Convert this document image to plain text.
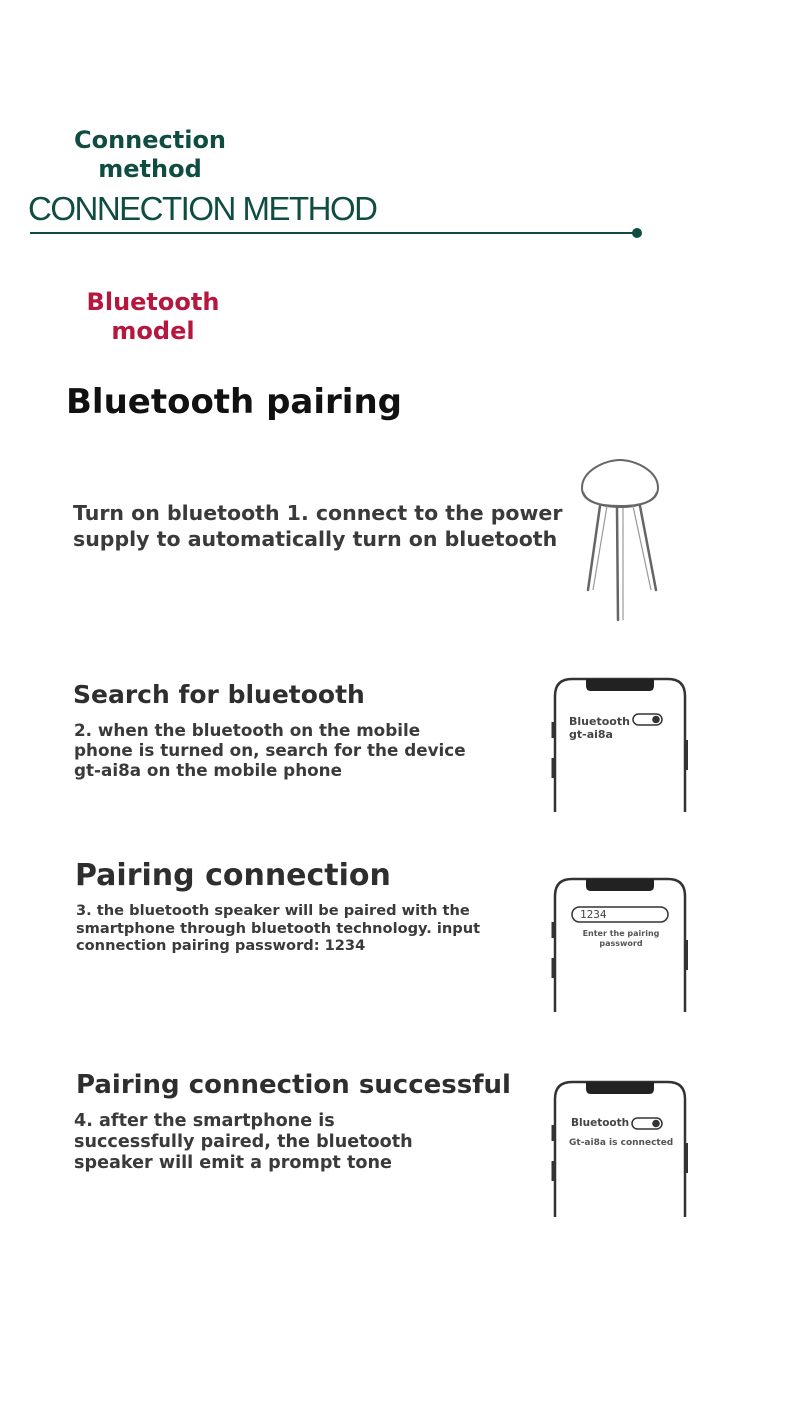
Connection
method
CONNECTION METHOD
Bluetooth
model
Bluetooth pairing
Turn on bluetooth 1. connect to the power
supply to automatically turn on bluetooth
Search for bluetooth
2. when the bluetooth on the mobile
phone is turned on, search for the device
gt-ai8a on the mobile phone
Bluetooth
gt-ai8a
Pairing connection
3. the bluetooth speaker will be paired with the
smartphone through bluetooth technology. input
connection pairing password: 1234
1234
Enter the pairing
password
Pairing connection successful
4. after the smartphone is
successfully paired, the bluetooth
speaker will emit a prompt tone
Bluetooth
Gt-ai8a is connected
